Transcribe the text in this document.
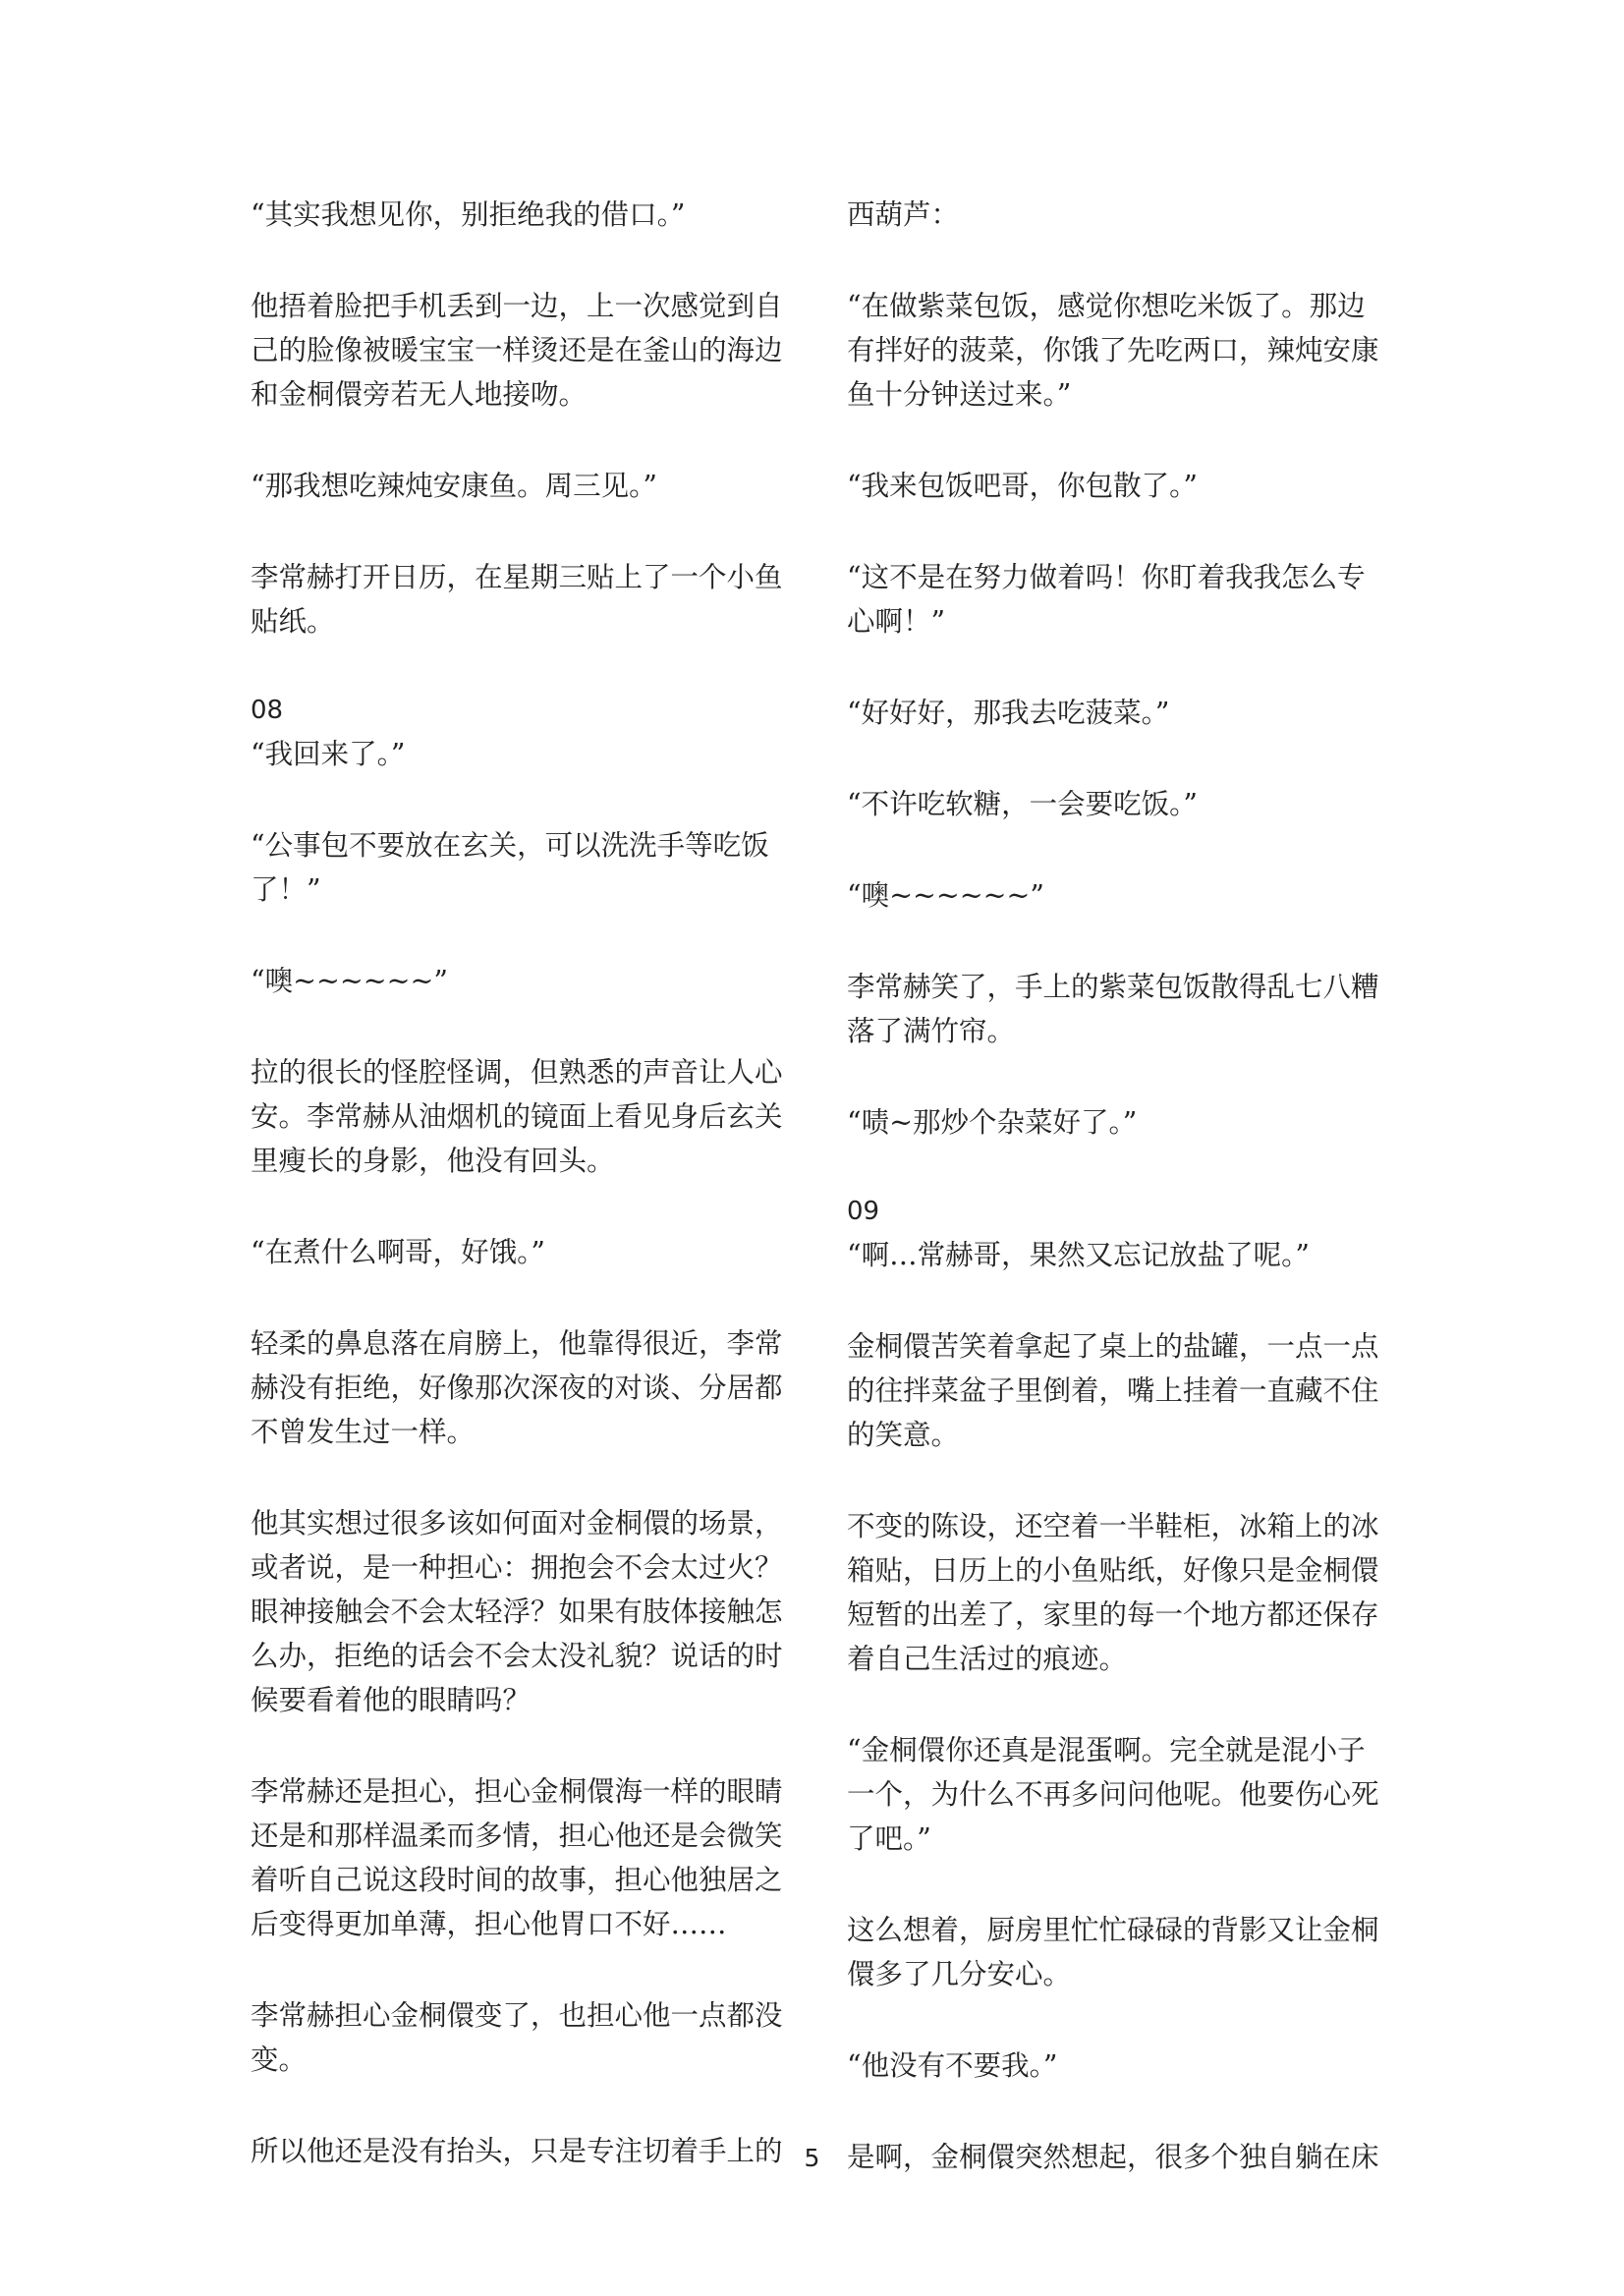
“其实我想见你，别拒绝我的借口。”

他捂着脸把手机丢到一边，上一次感觉到自己的脸像被暖宝宝一样烫还是在釜山的海边和金桐儇旁若无人地接吻。

“那我想吃辣炖安康鱼。周三见。”

李常赫打开日历，在星期三贴上了一个小鱼贴纸。

08

“我回来了。”

“公事包不要放在玄关，可以洗洗手等吃饭了！”

“噢~~~~~~”

拉的很长的怪腔怪调，但熟悉的声音让人心安。李常赫从油烟机的镜面上看见身后玄关里瘦长的身影，他没有回头。

“在煮什么啊哥，好饿。”

轻柔的鼻息落在肩膀上，他靠得很近，李常赫没有拒绝，好像那次深夜的对谈、分居都不曾发生过一样。

他其实想过很多该如何面对金桐儇的场景，或者说，是一种担心：拥抱会不会太过火？眼神接触会不会太轻浮？如果有肢体接触怎么办，拒绝的话会不会太没礼貌？说话的时候要看着他的眼睛吗？

李常赫还是担心，担心金桐儇海一样的眼睛还是和那样温柔而多情，担心他还是会微笑着听自己说这段时间的故事，担心他独居之后变得更加单薄，担心他胃口不好……

李常赫担心金桐儇变了，也担心他一点都没变。

所以他还是没有抬头，只是专注切着手上的

西葫芦：

“在做紫菜包饭，感觉你想吃米饭了。那边有拌好的菠菜，你饿了先吃两口，辣炖安康鱼十分钟送过来。”

“我来包饭吧哥，你包散了。”

“这不是在努力做着吗！你盯着我我怎么专心啊！”

“好好好，那我去吃菠菜。”

“不许吃软糖，一会要吃饭。”

“噢~~~~~~”

李常赫笑了，手上的紫菜包饭散得乱七八糟落了满竹帘。

“啧~那炒个杂菜好了。”

09

“啊…常赫哥，果然又忘记放盐了呢。”

金桐儇苦笑着拿起了桌上的盐罐，一点一点的往拌菜盆子里倒着，嘴上挂着一直藏不住的笑意。

不变的陈设，还空着一半鞋柜，冰箱上的冰箱贴，日历上的小鱼贴纸，好像只是金桐儇短暂的出差了，家里的每一个地方都还保存着自己生活过的痕迹。

“金桐儇你还真是混蛋啊。完全就是混小子一个，为什么不再多问问他呢。他要伤心死了吧。”

这么想着，厨房里忙忙碌碌的背影又让金桐儇多了几分安心。

“他没有不要我。”

是啊，金桐儇突然想起，很多个独自躺在床

5
